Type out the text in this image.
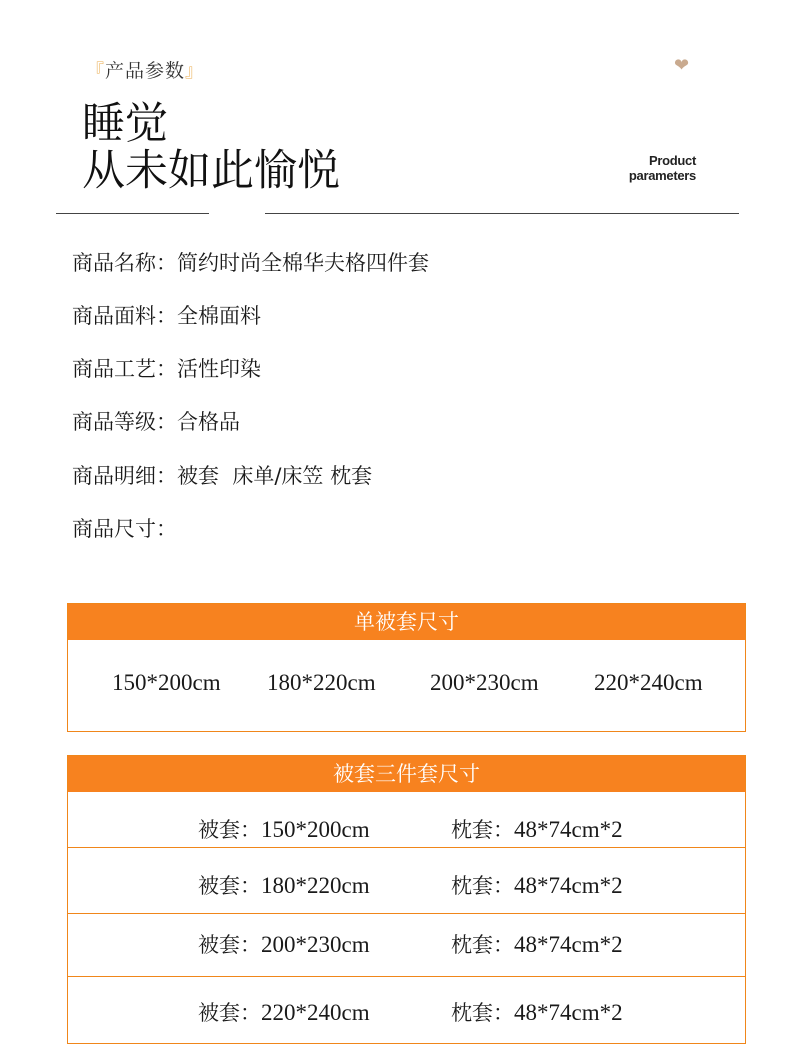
『产品参数』	❤
睡觉
从未如此愉悦	Product
parameters
商品名称：简约时尚全棉华夫格四件套
商品面料：全棉面料
商品工艺：活性印染
商品等级：合格品
商品明细：被套  床单/床笠 枕套
商品尺寸：
单被套尺寸
150*200cm 180*220cm 200*230cm 220*240cm
被套三件套尺寸
被套：150*200cm	枕套：48*74cm*2
被套：180*220cm	枕套：48*74cm*2
被套：200*230cm	枕套：48*74cm*2
被套：220*240cm	枕套：48*74cm*2
